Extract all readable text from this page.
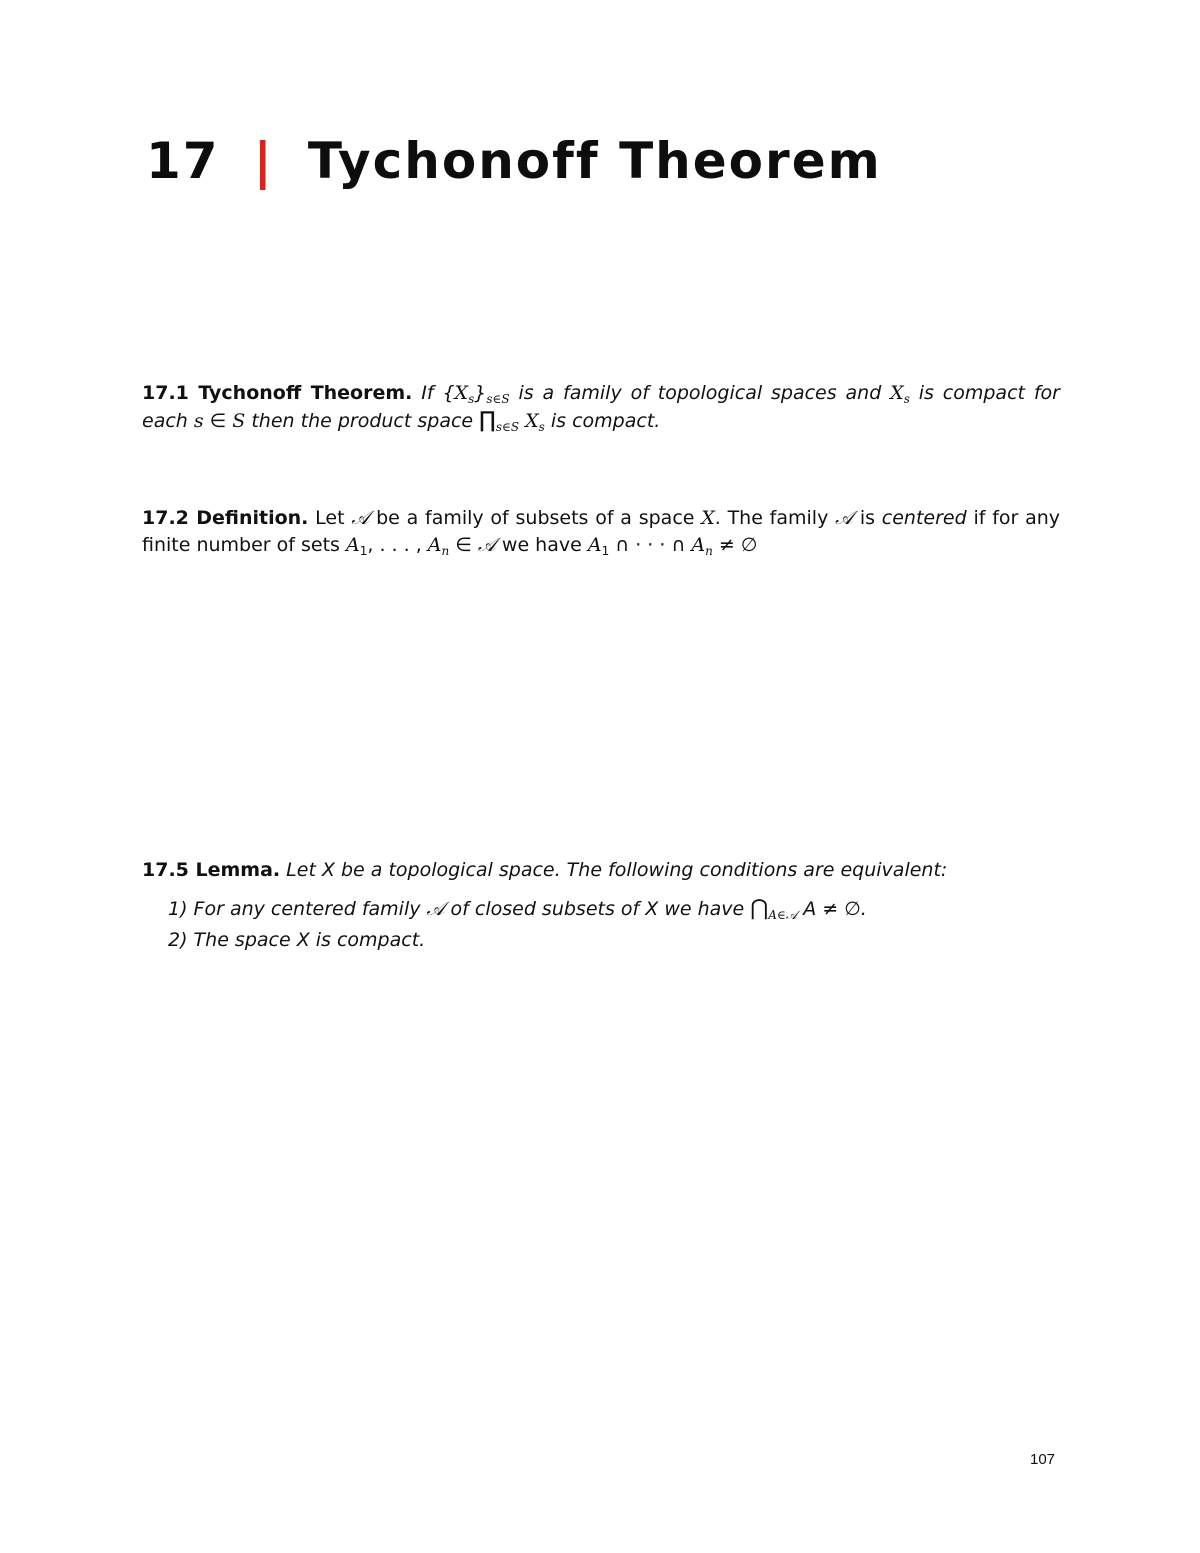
17 | Tychonoff Theorem
17.1 Tychonoff Theorem. If $\{X_s\}_{s\in S}$ is a family of topological spaces and $X_s$ is compact for each s ∈ S then the product space $\prod_{s\in S}$ $X_s$ is compact.
17.2 Definition. Let 𝒜 be a family of subsets of a space X. The family 𝒜 is centered if for any finite number of sets $A_1$, . . . , $A_n$ ∈ 𝒜 we have $A_1$ ∩ · · · ∩ $A_n$ ≠ ∅
17.5 Lemma. Let X be a topological space. The following conditions are equivalent:
1) For any centered family 𝒜 of closed subsets of X we have $⋂_{A\in 𝒜}$ A ≠ ∅.
2) The space X is compact.
107
